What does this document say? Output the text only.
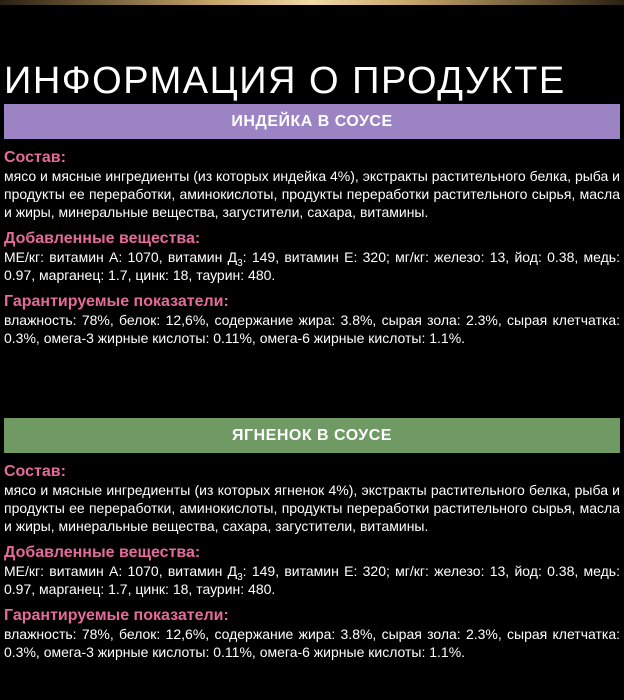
ИНФОРМАЦИЯ О ПРОДУКТЕ
ИНДЕЙКА В СОУСЕ

Состав:

мясо и мясные ингредиенты (из которых индейка 4%), экстракты растительного белка, рыба и продукты ее переработки, аминокислоты, продукты переработки растительного сырья, масла и жиры, минеральные вещества, загустители, сахара, витамины.

Добавленные вещества:

МЕ/кг: витамин А: 1070, витамин $Д_3$: 149, витамин Е: 320; мг/кг: железо: 13, йод: 0.38, медь: 0.97, марганец: 1.7, цинк: 18, таурин: 480.

Гарантируемые показатели:

влажность: 78%, белок: 12,6%, содержание жира: 3.8%, сырая зола: 2.3%, сырая клетчатка: 0.3%, омега-3 жирные кислоты: 0.11%, омега-6 жирные кислоты: 1.1%.

ЯГНЕНОК В СОУСЕ

Состав:

мясо и мясные ингредиенты (из которых ягненок 4%), экстракты растительного белка, рыба и продукты ее переработки, аминокислоты, продукты переработки растительного сырья, масла и жиры, минеральные вещества, сахара, загустители, витамины.

Добавленные вещества:

МЕ/кг: витамин А: 1070, витамин $Д_3$: 149, витамин Е: 320; мг/кг: железо: 13, йод: 0.38, медь: 0.97, марганец: 1.7, цинк: 18, таурин: 480.

Гарантируемые показатели:

влажность: 78%, белок: 12,6%, содержание жира: 3.8%, сырая зола: 2.3%, сырая клетчатка: 0.3%, омега-3 жирные кислоты: 0.11%, омега-6 жирные кислоты: 1.1%.
